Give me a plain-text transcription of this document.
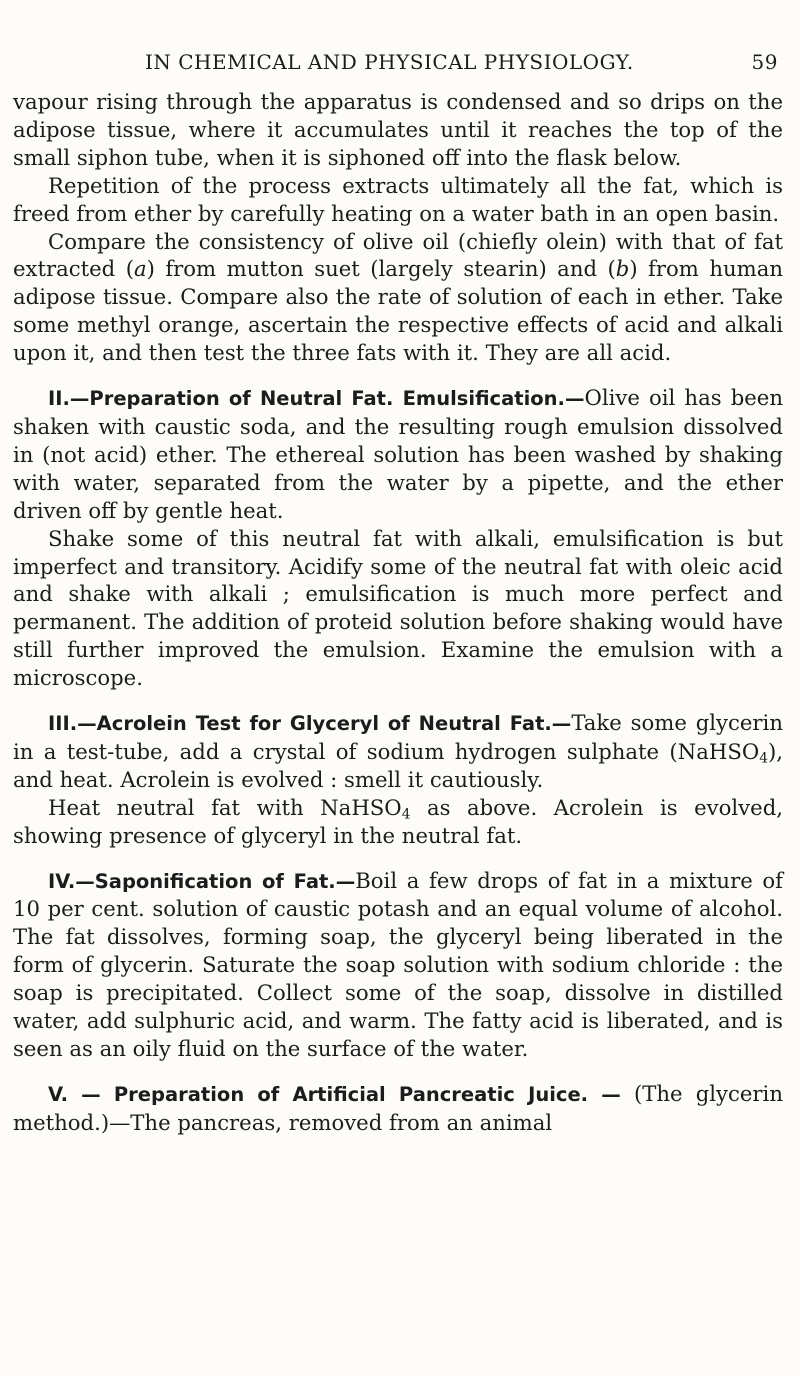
IN CHEMICAL AND PHYSICAL PHYSIOLOGY.	59

vapour rising through the apparatus is condensed and so drips on the adipose tissue, where it accumulates until it reaches the top of the small siphon tube, when it is siphoned off into the flask below.

Repetition of the process extracts ultimately all the fat, which is freed from ether by carefully heating on a water bath in an open basin.

Compare the consistency of olive oil (chiefly olein) with that of fat extracted (a) from mutton suet (largely stearin) and (b) from human adipose tissue. Compare also the rate of solution of each in ether. Take some methyl orange, ascertain the respective effects of acid and alkali upon it, and then test the three fats with it. They are all acid.

II.—Preparation of Neutral Fat. Emulsification.—Olive oil has been shaken with caustic soda, and the resulting rough emulsion dissolved in (not acid) ether. The ethereal solution has been washed by shaking with water, separated from the water by a pipette, and the ether driven off by gentle heat.

Shake some of this neutral fat with alkali, emulsification is but imperfect and transitory. Acidify some of the neutral fat with oleic acid and shake with alkali ; emulsification is much more perfect and permanent. The addition of proteid solution before shaking would have still further improved the emulsion. Examine the emulsion with a microscope.

III.—Acrolein Test for Glyceryl of Neutral Fat.—Take some glycerin in a test-tube, add a crystal of sodium hydrogen sulphate (NaHSO$_4$), and heat. Acrolein is evolved : smell it cautiously.

Heat neutral fat with NaHSO$_4$ as above. Acrolein is evolved, showing presence of glyceryl in the neutral fat.

IV.—Saponification of Fat.—Boil a few drops of fat in a mixture of 10 per cent. solution of caustic potash and an equal volume of alcohol. The fat dissolves, forming soap, the glyceryl being liberated in the form of glycerin. Saturate the soap solution with sodium chloride : the soap is precipitated. Collect some of the soap, dissolve in distilled water, add sulphuric acid, and warm. The fatty acid is liberated, and is seen as an oily fluid on the surface of the water.

V. — Preparation of Artificial Pancreatic Juice. — (The glycerin method.)—The pancreas, removed from an animal
